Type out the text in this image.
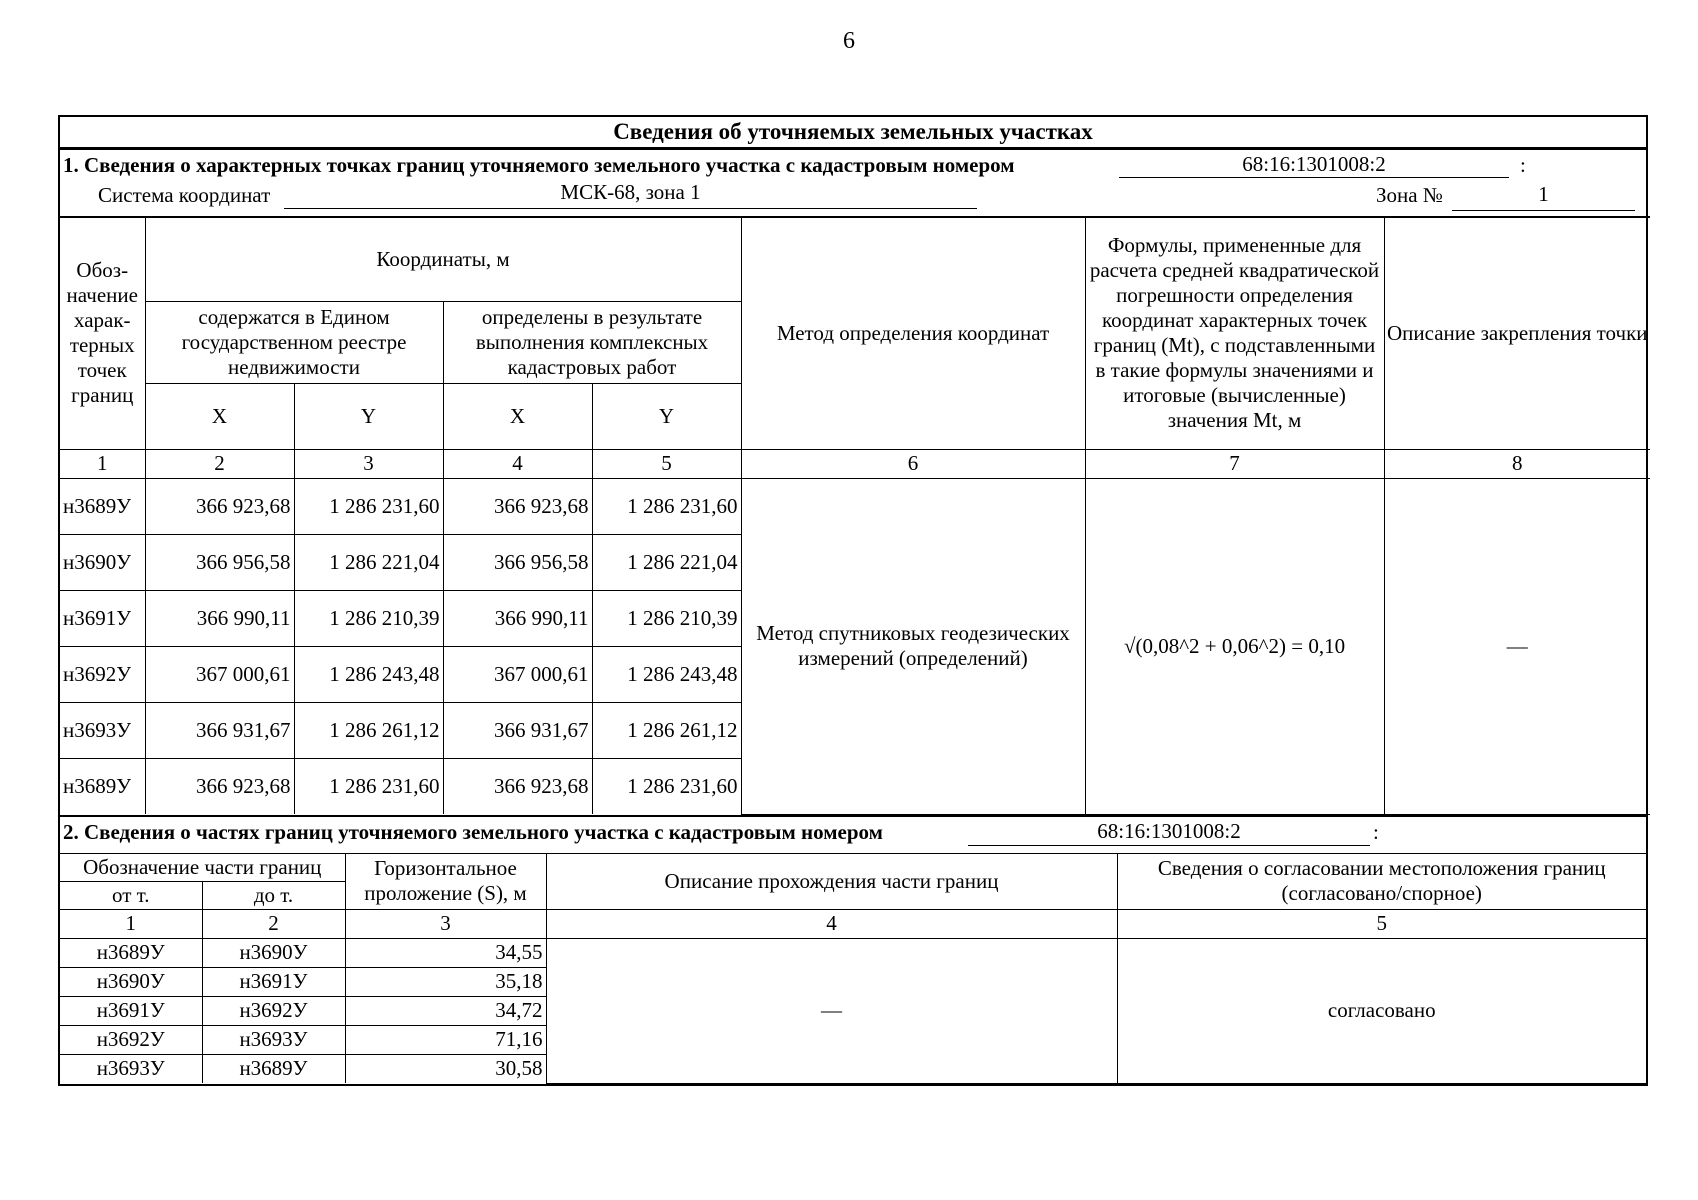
6
Сведения об уточняемых земельных участках
1. Сведения о характерных точках границ уточняемого земельного участка с кадастровым номером	68:16:1301008:2	:
Система координат	МСК-68, зона 1	Зона №	1
Обоз-начение харак-терных точек границ	Координаты, м				Метод определения координат	Формулы, примененные для расчета средней квадратической погрешности определения координат характерных точек границ (Mt), с подставленными в такие формулы значениями и итоговые (вычисленные) значения Mt, м	Описание закрепления точки
	содержатся в Едином государственном реестре недвижимости		определены в результате выполнения комплексных кадастровых работ				
	X	Y	X	Y			
1	2	3	4	5	6	7	8
н3689У	366 923,68	1 286 231,60	366 923,68	1 286 231,60	Метод спутниковых геодезических измерений (определений)	√(0,08^2 + 0,06^2) = 0,10	—
н3690У	366 956,58	1 286 221,04	366 956,58	1 286 221,04			
н3691У	366 990,11	1 286 210,39	366 990,11	1 286 210,39			
н3692У	367 000,61	1 286 243,48	367 000,61	1 286 243,48			
н3693У	366 931,67	1 286 261,12	366 931,67	1 286 261,12			
н3689У	366 923,68	1 286 231,60	366 923,68	1 286 231,60			
2. Сведения о частях границ уточняемого земельного участка с кадастровым номером	68:16:1301008:2	:
Обозначение части границ		Горизонтальное проложение (S), м	Описание прохождения части границ	Сведения о согласовании местоположения границ (согласовано/спорное)
от т.	до т.			
1	2	3	4	5
н3689У	н3690У	34,55	—	согласовано
н3690У	н3691У	35,18		
н3691У	н3692У	34,72		
н3692У	н3693У	71,16		
н3693У	н3689У	30,58		
